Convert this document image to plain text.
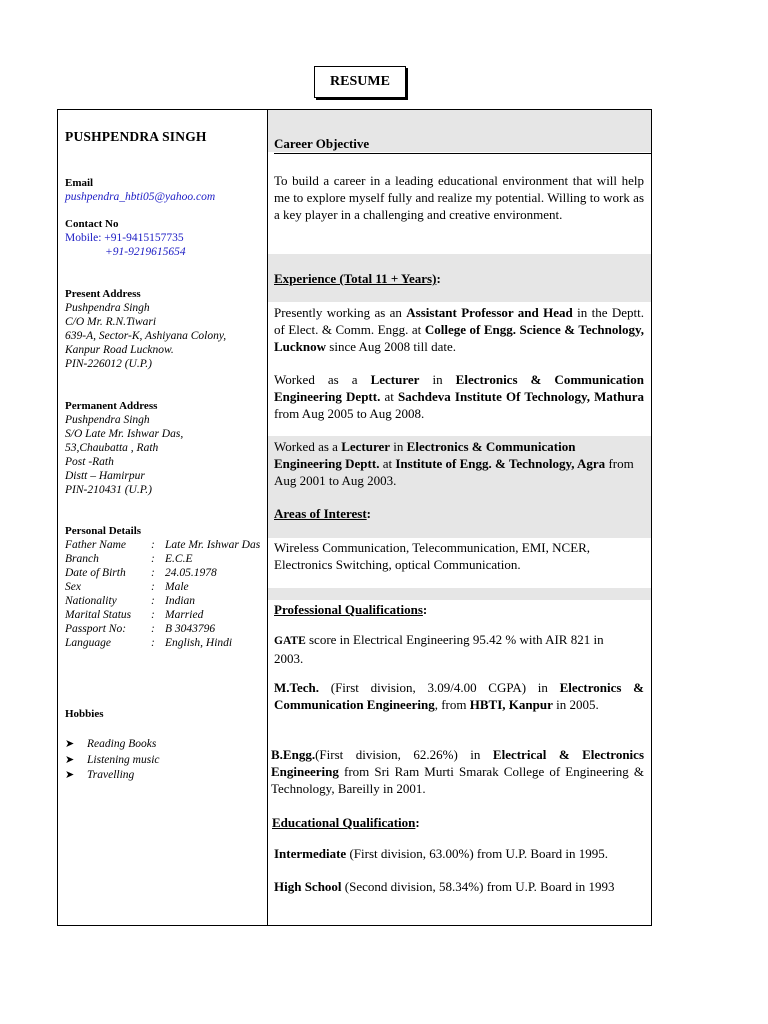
RESUME
PUSHPENDRA SINGH
Email
pushpendra_hbti05@yahoo.com
Contact No
Mobile: +91-9415157735
+91-9219615654
Present Address
Pushpendra Singh
C/O Mr. R.N.Tiwari
639-A, Sector-K, Ashiyana Colony,
Kanpur Road Lucknow.
PIN-226012 (U.P.)
Permanent Address
Pushpendra Singh
S/O Late Mr. Ishwar Das,
53,Chaubatta , Rath
Post -Rath
Distt – Hamirpur
PIN-210431 (U.P.)
Personal Details
Father Name	: Late Mr. Ishwar Das
Branch	: E.C.E
Date of Birth	: 24.05.1978
Sex	: Male
Nationality	: Indian
Marital Status	: Married
Passport No:	: B 3043796
Language	: English, Hindi
Hobbies
➤ Reading Books
➤ Listening music
➤ Travelling
Career Objective
To build a career in a leading educational environment that will help me to explore myself fully and realize my potential. Willing to work as a key player in a challenging and creative environment.
Experience (Total 11 + Years):
Presently working as an Assistant Professor and Head in the Deptt. of Elect. & Comm. Engg. at College of Engg. Science & Technology, Lucknow since Aug 2008 till date.
Worked as a Lecturer in Electronics & Communication Engineering Deptt. at Sachdeva Institute Of Technology, Mathura from Aug 2005 to Aug 2008.
Worked as a Lecturer in Electronics & Communication Engineering Deptt. at Institute of Engg. & Technology, Agra from Aug 2001 to Aug 2003.
Areas of Interest:
Wireless Communication, Telecommunication, EMI, NCER, Electronics Switching, optical Communication.
Professional Qualifications:
GATE score in Electrical Engineering 95.42 % with AIR 821 in 2003.
M.Tech. (First division, 3.09/4.00 CGPA) in Electronics & Communication Engineering, from HBTI, Kanpur in 2005.
B.Engg.(First division, 62.26%) in Electrical & Electronics Engineering from Sri Ram Murti Smarak College of Engineering & Technology, Bareilly in 2001.
Educational Qualification:
Intermediate (First division, 63.00%) from U.P. Board in 1995.
High School (Second division, 58.34%) from U.P. Board in 1993
